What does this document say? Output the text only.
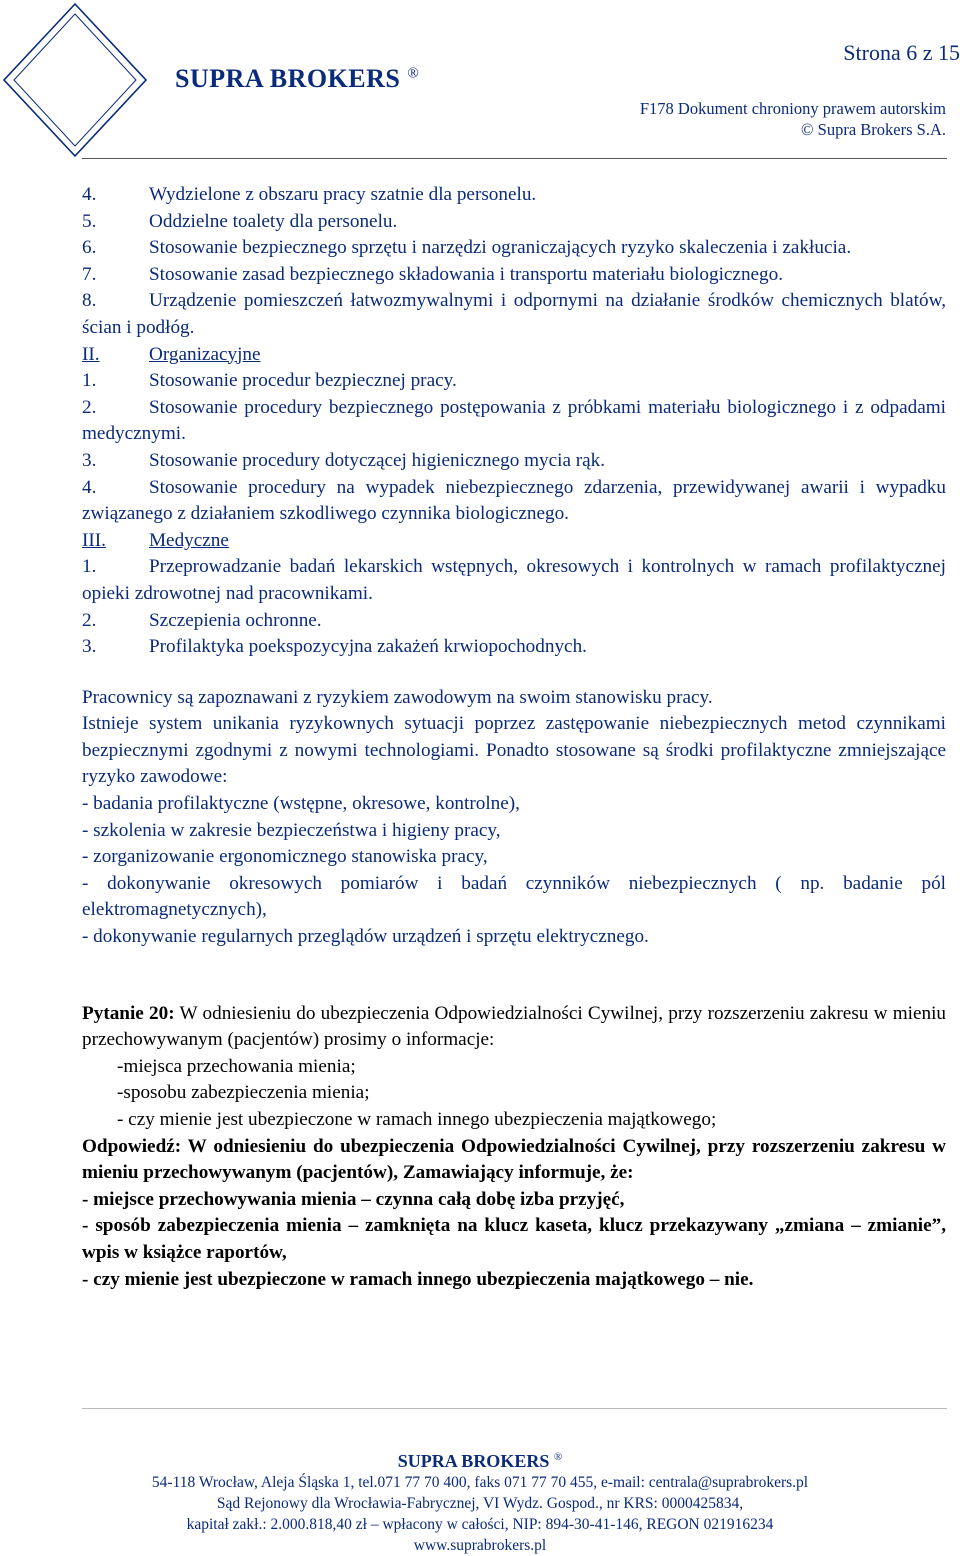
SUPRA BROKERS ®
Strona 6 z 15
F178 Dokument chroniony prawem autorskim
© Supra Brokers S.A.

4.	Wydzielone z obszaru pracy szatnie dla personelu.

5.	Oddzielne toalety dla personelu.

6.	Stosowanie bezpiecznego sprzętu i narzędzi ograniczających ryzyko skaleczenia i zakłucia.

7.	Stosowanie zasad bezpiecznego składowania i transportu materiału biologicznego.

8.	Urządzenie pomieszczeń łatwozmywalnymi i odpornymi na działanie środków chemicznych blatów, ścian i podłóg.

II.	Organizacyjne

1.	Stosowanie procedur bezpiecznej pracy.

2.	Stosowanie procedury bezpiecznego postępowania z próbkami materiału biologicznego i z odpadami medycznymi.

3.	Stosowanie procedury dotyczącej higienicznego mycia rąk.

4.	Stosowanie procedury na wypadek niebezpiecznego zdarzenia, przewidywanej awarii i wypadku związanego z działaniem szkodliwego czynnika biologicznego.

III. Medyczne

1.	Przeprowadzanie badań lekarskich wstępnych, okresowych i kontrolnych w ramach profilaktycznej opieki zdrowotnej nad pracownikami.

2.	Szczepienia ochronne.

3.	Profilaktyka poekspozycyjna zakażeń krwiopochodnych.

Pracownicy są zapoznawani z ryzykiem zawodowym na swoim stanowisku pracy.

Istnieje system unikania ryzykownych sytuacji poprzez zastępowanie niebezpiecznych metod czynnikami bezpiecznymi zgodnymi z nowymi technologiami. Ponadto stosowane są środki profilaktyczne zmniejszające ryzyko zawodowe:

- badania profilaktyczne (wstępne, okresowe, kontrolne),

- szkolenia w zakresie bezpieczeństwa i higieny pracy,

- zorganizowanie ergonomicznego stanowiska pracy,

- dokonywanie okresowych pomiarów i badań czynników niebezpiecznych ( np. badanie pól elektromagnetycznych),

- dokonywanie regularnych przeglądów urządzeń i sprzętu elektrycznego.

Pytanie 20: W odniesieniu do ubezpieczenia Odpowiedzialności Cywilnej, przy rozszerzeniu zakresu w mieniu przechowywanym (pacjentów) prosimy o informacje:

-miejsca przechowania mienia;

-sposobu zabezpieczenia mienia;

- czy mienie jest ubezpieczone w ramach innego ubezpieczenia majątkowego;

Odpowiedź: W odniesieniu do ubezpieczenia Odpowiedzialności Cywilnej, przy rozszerzeniu zakresu w mieniu przechowywanym (pacjentów), Zamawiający informuje, że:

- miejsce przechowywania mienia – czynna całą dobę izba przyjęć,

- sposób zabezpieczenia mienia – zamknięta na klucz kaseta, klucz przekazywany „zmiana – zmianie”, wpis w książce raportów,

- czy mienie jest ubezpieczone w ramach innego ubezpieczenia majątkowego – nie.

SUPRA BROKERS ®
54-118 Wrocław, Aleja Śląska 1, tel.071 77 70 400, faks 071 77 70 455, e-mail: centrala@suprabrokers.pl
Sąd Rejonowy dla Wrocławia-Fabrycznej, VI Wydz. Gospod., nr KRS: 0000425834,
kapitał zakł.: 2.000.818,40 zł – wpłacony w całości, NIP: 894-30-41-146, REGON 021916234
www.suprabrokers.pl
